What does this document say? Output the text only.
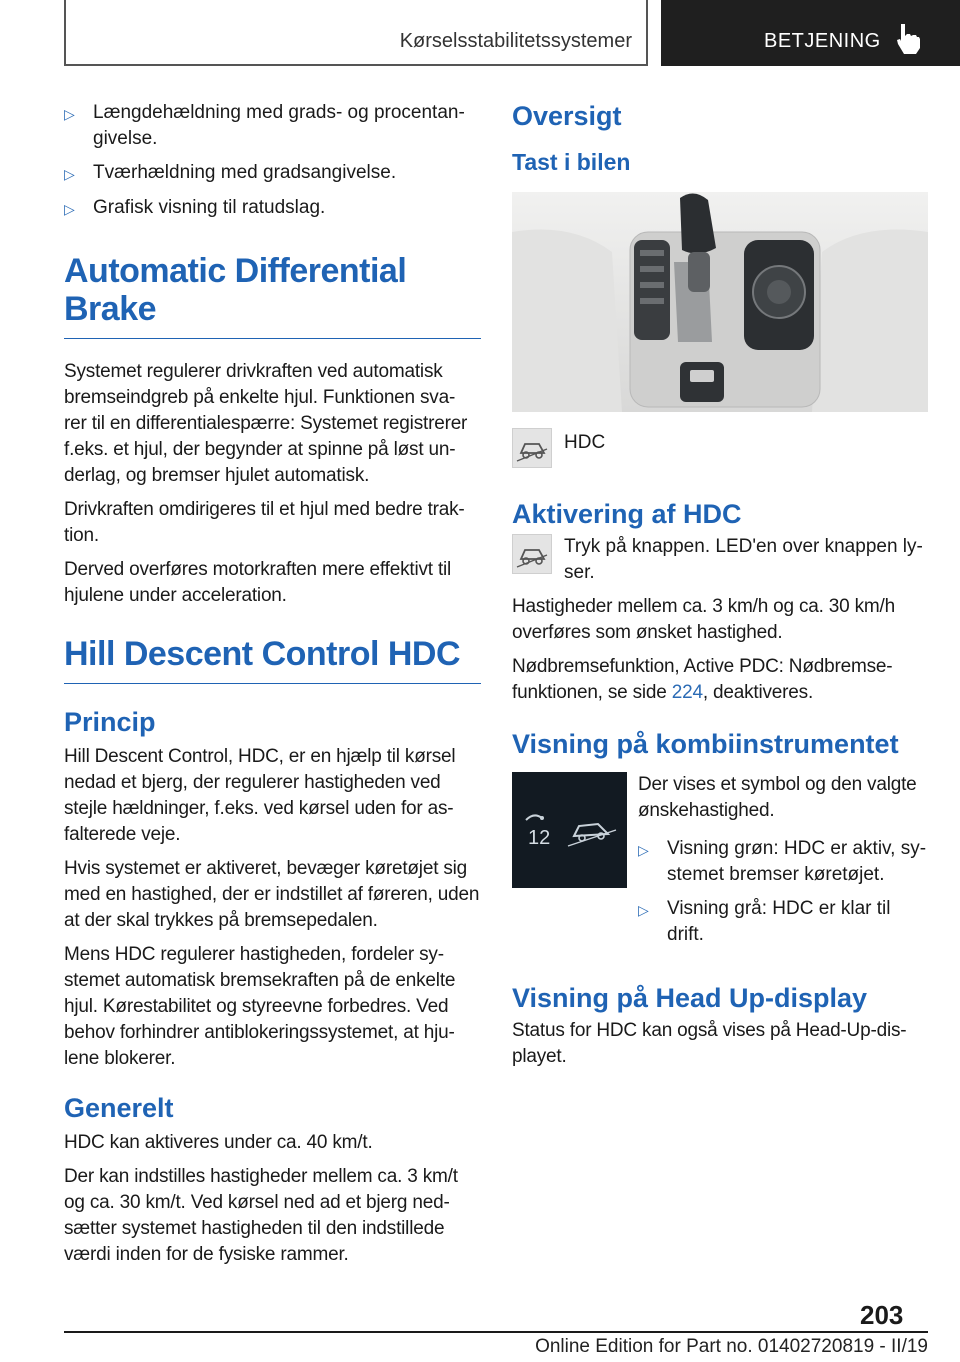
Kørselsstabilitetssystemer	BETJENING
▷ Længdehældning med grads- og procentan‐ givelse.
▷ Tværhældning med gradsangivelse.
▷ Grafisk visning til ratudslag.
Automatic Differential Brake

Systemet regulerer drivkraften ved automatisk bremseindgreb på enkelte hjul. Funktionen sva‐ rer til en differentialespærre: Systemet registrerer f.eks. et hjul, der begynder at spinne på løst un‐ derlag, og bremser hjulet automatisk.

Drivkraften omdirigeres til et hjul med bedre trak‐ tion.

Derved overføres motorkraften mere effektivt til hjulene under acceleration.

Hill Descent Control HDC
Princip

Hill Descent Control, HDC, er en hjælp til kørsel nedad et bjerg, der regulerer hastigheden ved stejle hældninger, f.eks. ved kørsel uden for as‐ falterede veje.

Hvis systemet er aktiveret, bevæger køretøjet sig med en hastighed, der er indstillet af føreren, uden at der skal trykkes på bremsepedalen.

Mens HDC regulerer hastigheden, fordeler sy‐ stemet automatisk bremsekraften på de enkelte hjul. Kørestabilitet og styreevne forbedres. Ved behov forhindrer antiblokeringssystemet, at hju‐ lene blokerer.

Generelt

HDC kan aktiveres under ca. 40 km/t.

Der kan indstilles hastigheder mellem ca. 3 km/t og ca. 30 km/t. Ved kørsel ned ad et bjerg ned‐ sætter systemet hastigheden til den indstillede værdi inden for de fysiske rammer.

Oversigt
Tast i bilen
HDC
Aktivering af HDC
Tryk på knappen. LED'en over knappen ly‐ ser.

Hastigheder mellem ca. 3 km/h og ca. 30 km/h overføres som ønsket hastighed.

Nødbremsefunktion, Active PDC: Nødbremse‐ funktionen, se side 224, deaktiveres.

Visning på kombiinstrumentet
12

Der vises et symbol og den valgte ønskehastighed.

▷ Visning grøn: HDC er aktiv, sy‐ stemet bremser køretøjet.
▷ Visning grå: HDC er klar til drift.
Visning på Head Up-display

Status for HDC kan også vises på Head-Up-dis‐ playet.

203
Online Edition for Part no. 01402720819 - II/19
